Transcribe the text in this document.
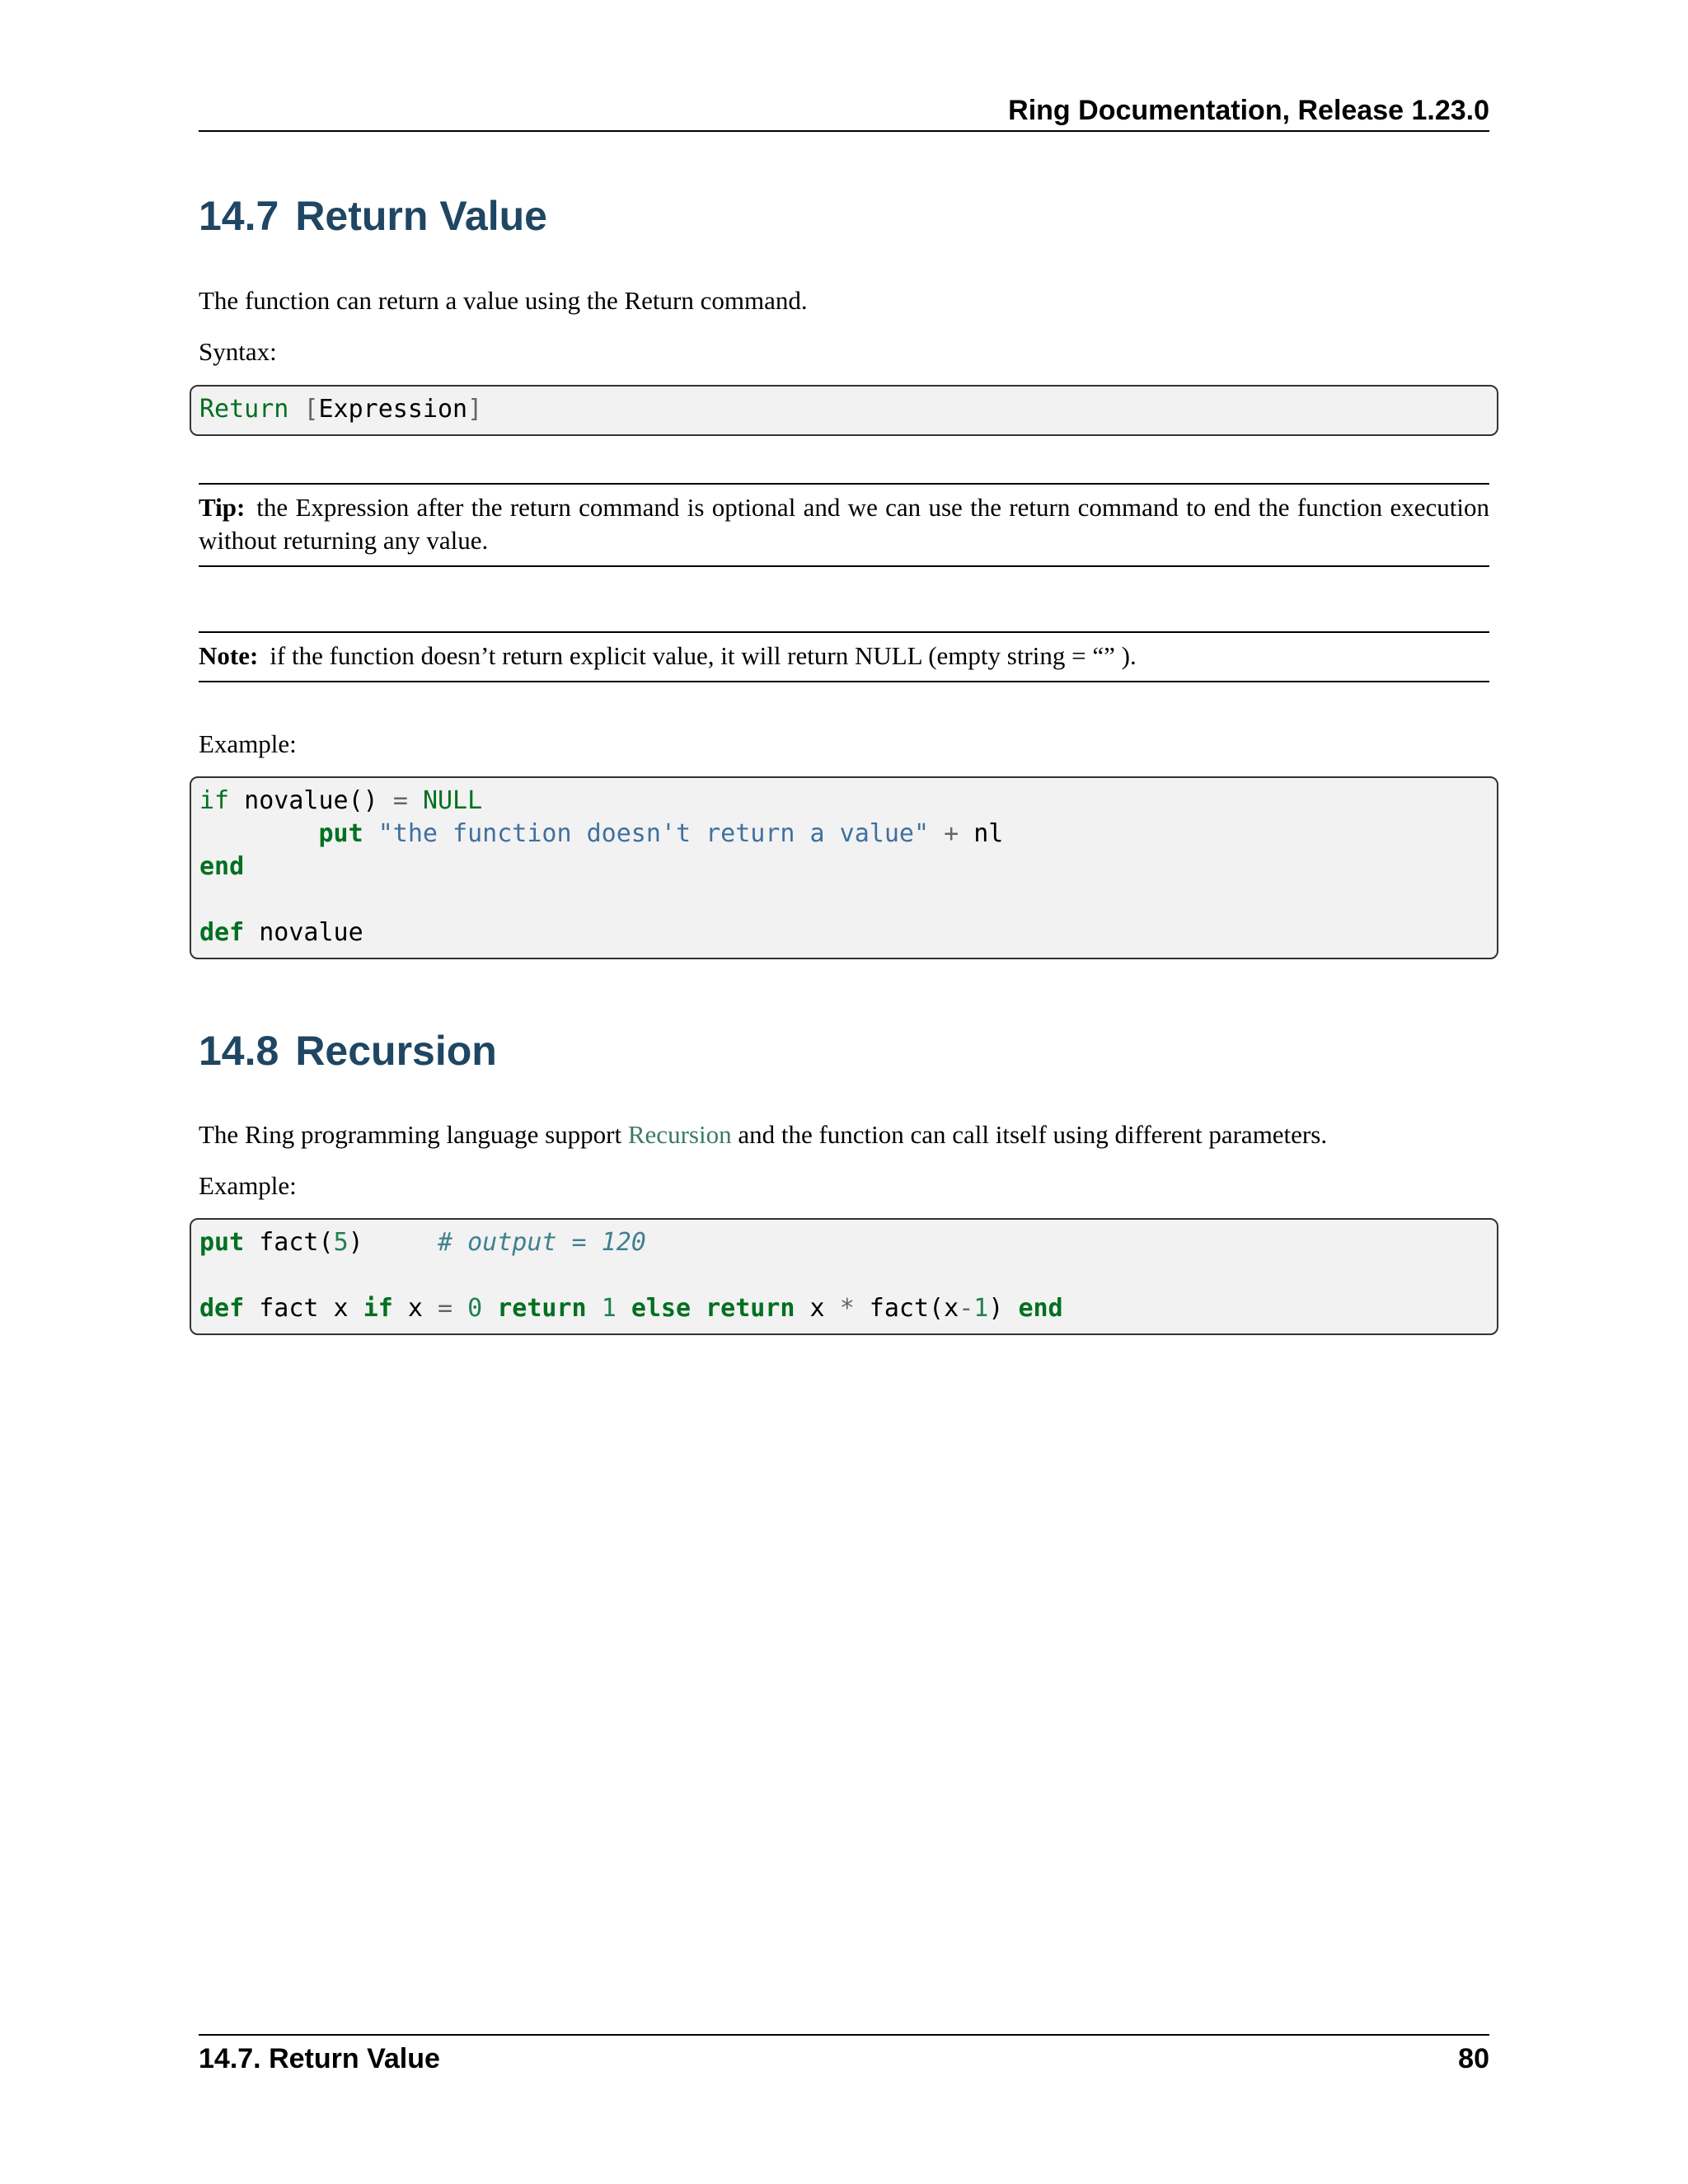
Ring Documentation, Release 1.23.0
14.7 Return Value

The function can return a value using the Return command.

Syntax:

Return [Expression]
Tip: the Expression after the return command is optional and we can use the return command to end the function execution without returning any value.
Note: if the function doesn’t return explicit value, it will return NULL (empty string = “” ).

Example:

if novalue() = NULL
put "the function doesn't return a value" + nl
end

def novalue
14.8 Recursion

The Ring programming language support Recursion and the function can call itself using different parameters.

Example:

put fact(5)	# output = 120

def fact x if x = 0 return 1 else return x * fact(x-1) end
14.7. Return Value	80
